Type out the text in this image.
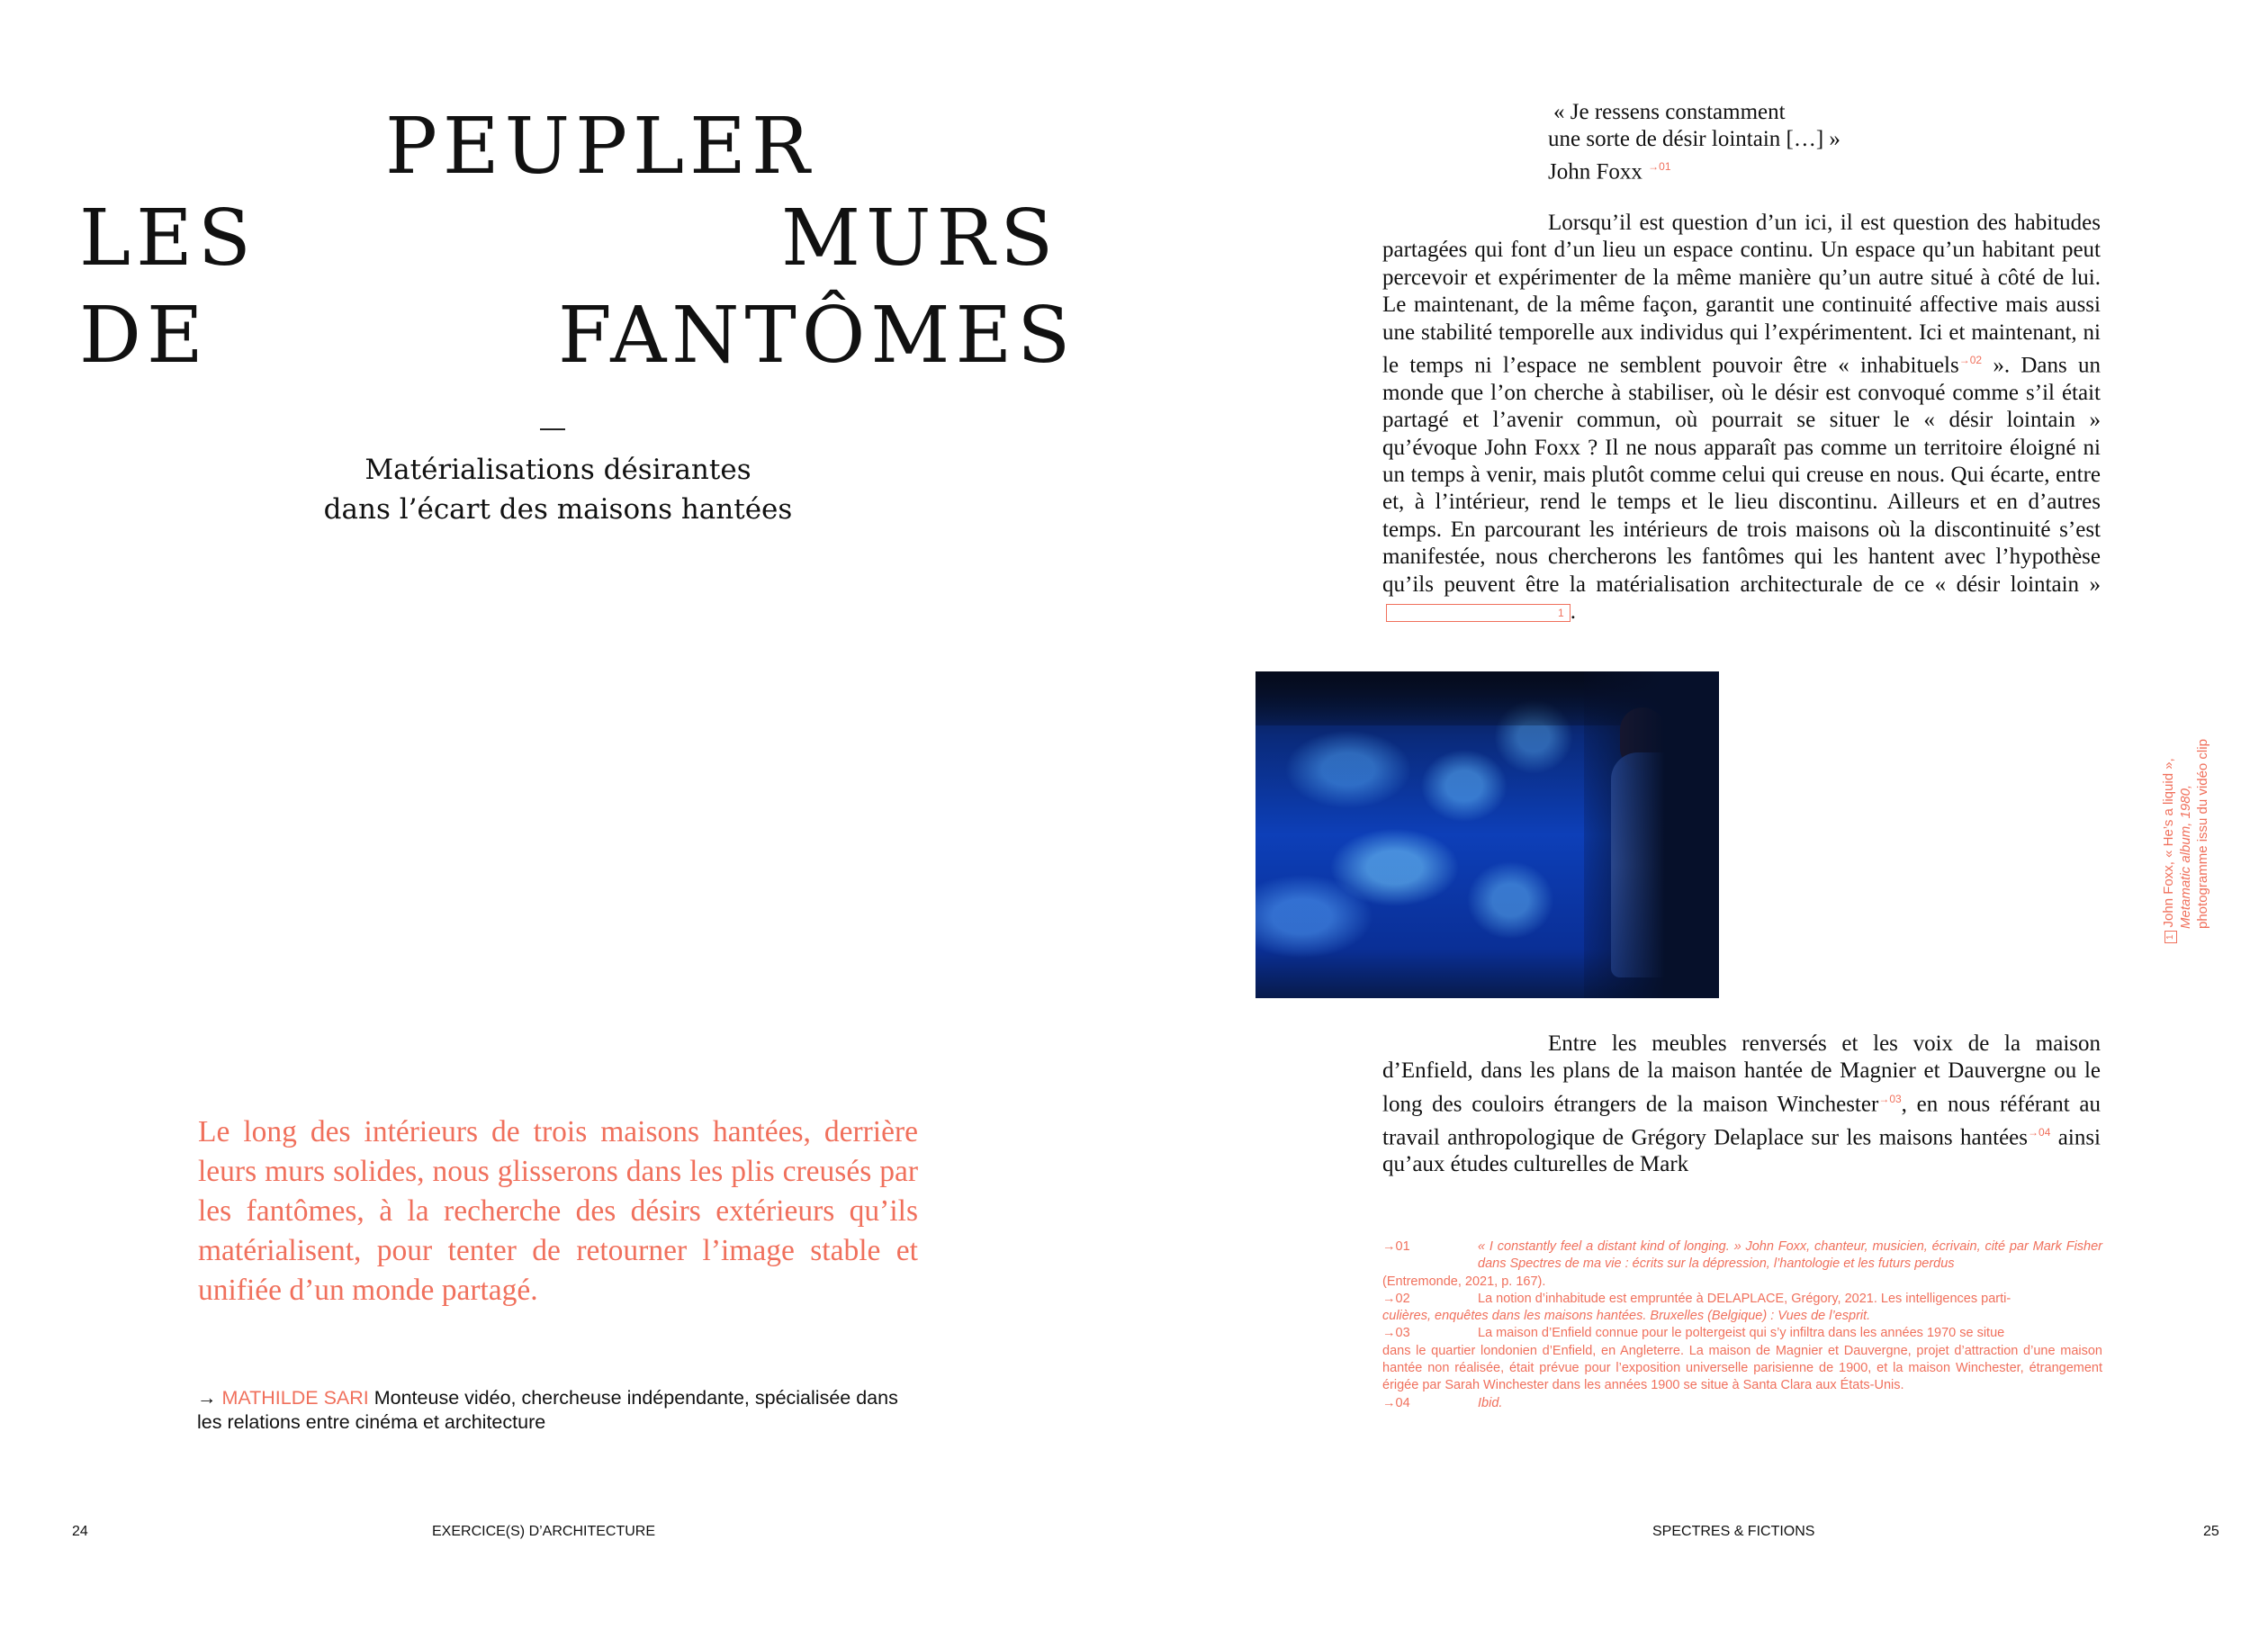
PEUPLER
LES	MURS
DE	FANTÔMES
Matérialisations désirantes
dans l’écart des maisons hantées
Le long des intérieurs de trois maisons hantées, derrière leurs murs solides, nous glisserons dans les plis creusés par les fantômes, à la recherche des désirs extérieurs qu’ils matérialisent, pour tenter de retourner l’image stable et unifiée d’un monde partagé.
→ MATHILDE SARI Monteuse vidéo, chercheuse indépendante, spécialisée dans les relations entre cinéma et architecture
24	EXERCICE(S) D’ARCHITECTURE
« Je ressens constamment
une sorte de désir lointain […] »
John Foxx $^{\to 01}$
Lorsqu’il est question d’un ici, il est question des habitudes partagées qui font d’un lieu un espace continu. Un espace qu’un habitant peut percevoir et expérimenter de la même manière qu’un autre situé à côté de lui. Le maintenant, de la même façon, garantit une continuité affective mais aussi une stabilité temporelle aux individus qui l’expérimentent. Ici et maintenant, ni le temps ni l’espace ne semblent pouvoir être « inhabituels$^{\to 02}$ ». Dans un monde que l’on cherche à stabiliser, où le désir est convoqué comme s’il était partagé et l’avenir commun, où pourrait se situer le « désir lointain » qu’évoque John Foxx ? Il ne nous apparaît pas comme un territoire éloigné ni un temps à venir, mais plutôt comme celui qui creuse en nous. Qui écarte, entre et, à l’intérieur, rend le temps et le lieu discontinu. Ailleurs et en d’autres temps. En parcourant les intérieurs de trois maisons où la discontinuité s’est manifestée, nous chercherons les fantômes qui les hantent avec l’hypothèse qu’ils peuvent être la matérialisation architecturale de ce « désir lointain »1 .
1John Foxx, « He’s a liquid », Metamatic album, 1980, photogramme issu du vidéo clip
Entre les meubles renversés et les voix de la maison d’Enfield, dans les plans de la maison hantée de Magnier et Dauvergne ou le long des couloirs étrangers de la maison Winchester$^{\to 03}$, en nous référant au travail anthropologique de Grégory Delaplace sur les maisons hantées$^{\to 04}$ ainsi qu’aux études culturelles de Mark
→01	« I constantly feel a distant kind of longing. » John Foxx, chanteur, musicien, écrivain, cité par Mark Fisher dans Spectres de ma vie : écrits sur la dépression, l’hantologie et les futurs perdus
(Entremonde, 2021, p. 167).
→02	La notion d’inhabitude est empruntée à DELAPLACE, Grégory, 2021. Les intelligences parti-
culières, enquêtes dans les maisons hantées. Bruxelles (Belgique) : Vues de l’esprit.
→03	La maison d’Enfield connue pour le poltergeist qui s’y infiltra dans les années 1970 se situe
dans le quartier londonien d’Enfield, en Angleterre. La maison de Magnier et Dauvergne, projet d’attraction d’une maison hantée non réalisée, était prévue pour l’exposition universelle parisienne de 1900, et la maison Winchester, étrangement érigée par Sarah Winchester dans les années 1900 se situe à Santa Clara aux États-Unis.
→04	Ibid.
SPECTRES & FICTIONS	25
